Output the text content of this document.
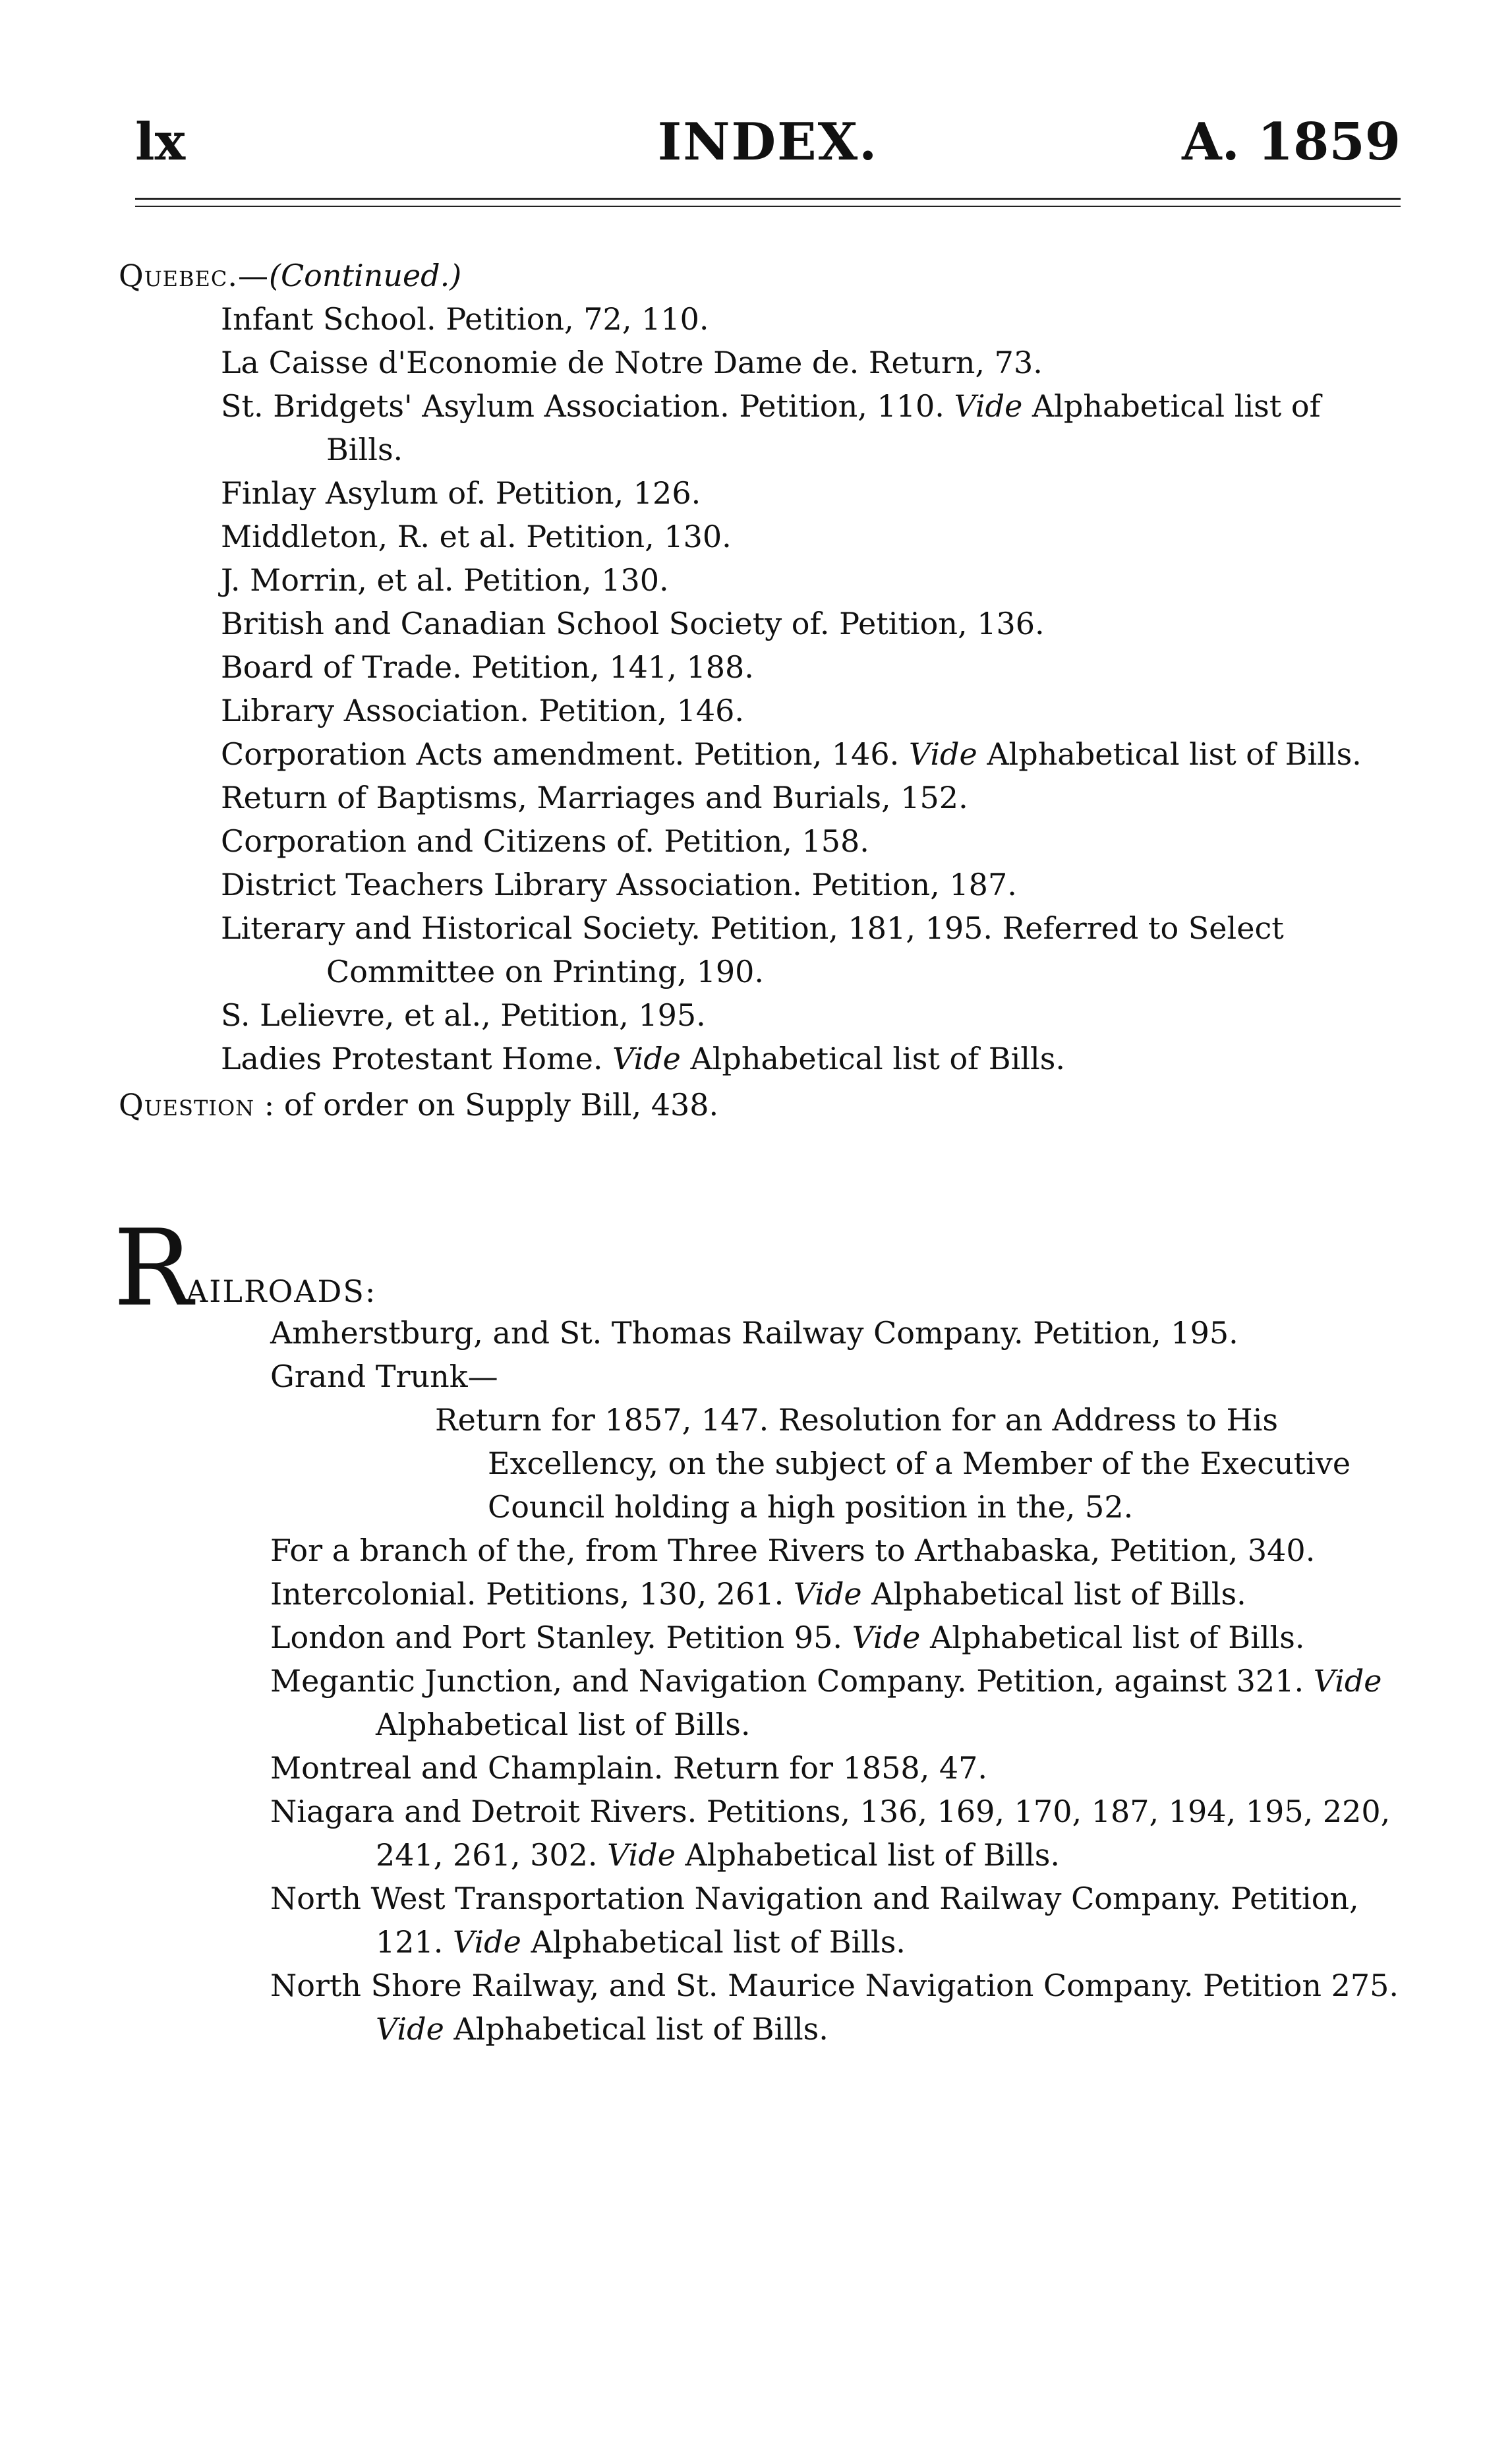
lx	INDEX.	A. 1859
Quebec.—(Continued.)
Infant School. Petition, 72, 110.
La Caisse d'Economie de Notre Dame de. Return, 73.
St. Bridgets' Asylum Association. Petition, 110. Vide Alphabetical list of Bills.
Finlay Asylum of. Petition, 126.
Middleton, R. et al. Petition, 130.
J. Morrin, et al. Petition, 130.
British and Canadian School Society of. Petition, 136.
Board of Trade. Petition, 141, 188.
Library Association. Petition, 146.
Corporation Acts amendment. Petition, 146. Vide Alphabetical list of Bills.
Return of Baptisms, Marriages and Burials, 152.
Corporation and Citizens of. Petition, 158.
District Teachers Library Association. Petition, 187.
Literary and Historical Society. Petition, 181, 195. Referred to Select Committee on Printing, 190.
S. Lelievre, et al., Petition, 195.
Ladies Protestant Home. Vide Alphabetical list of Bills.
Question : of order on Supply Bill, 438.
R
AILROADS:
Amherstburg, and St. Thomas Railway Company. Petition, 195.
Grand Trunk—
Return for 1857, 147. Resolution for an Address to His Excellency, on the subject of a Member of the Executive Council holding a high position in the, 52.
For a branch of the, from Three Rivers to Arthabaska, Petition, 340.
Intercolonial. Petitions, 130, 261. Vide Alphabetical list of Bills.
London and Port Stanley. Petition 95. Vide Alphabetical list of Bills.
Megantic Junction, and Navigation Company. Petition, against 321. Vide Alphabetical list of Bills.
Montreal and Champlain. Return for 1858, 47.
Niagara and Detroit Rivers. Petitions, 136, 169, 170, 187, 194, 195, 220, 241, 261, 302. Vide Alphabetical list of Bills.
North West Transportation Navigation and Railway Company. Petition, 121. Vide Alphabetical list of Bills.
North Shore Railway, and St. Maurice Navigation Company. Petition 275. Vide Alphabetical list of Bills.
